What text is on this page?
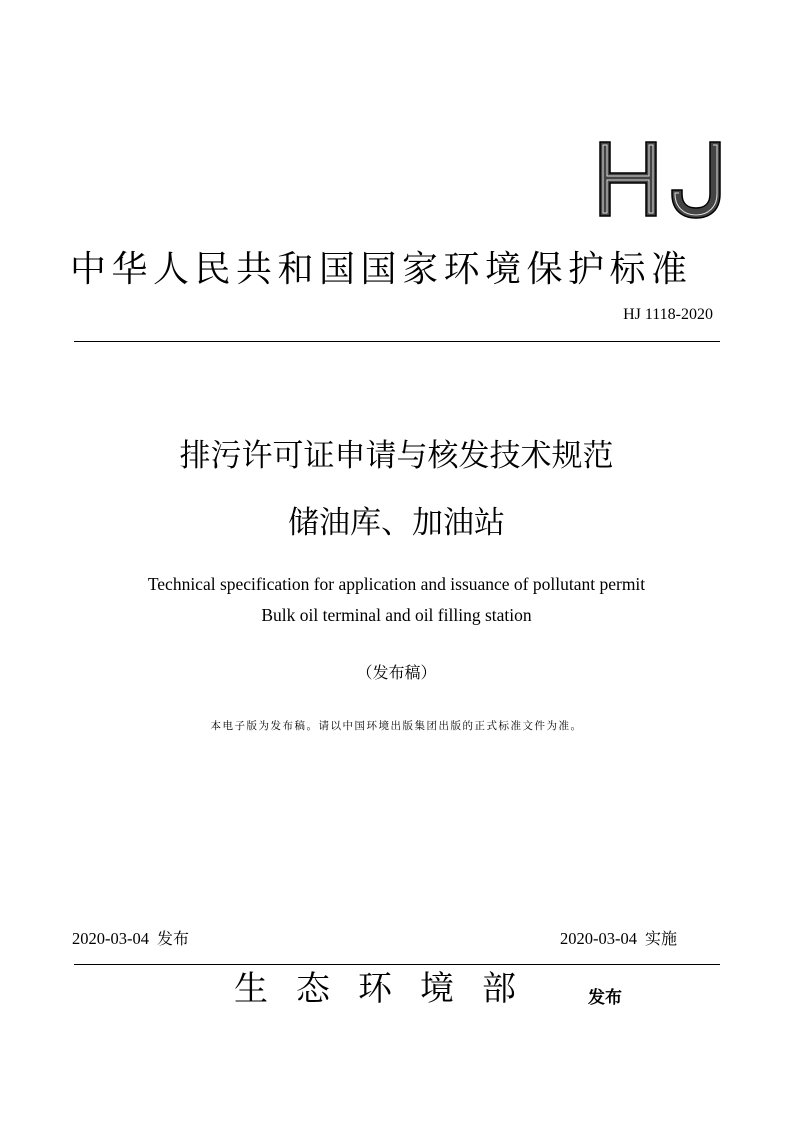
中华人民共和国国家环境保护标准
HJ 1118-2020
排污许可证申请与核发技术规范
储油库、加油站
Technical specification for application and issuance of pollutant permit
Bulk oil terminal and oil filling station
（发布稿）
本电子版为发布稿。请以中国环境出版集团出版的正式标准文件为准。
2020-03-04 发布	2020-03-04 实施
生态环境部	发布
